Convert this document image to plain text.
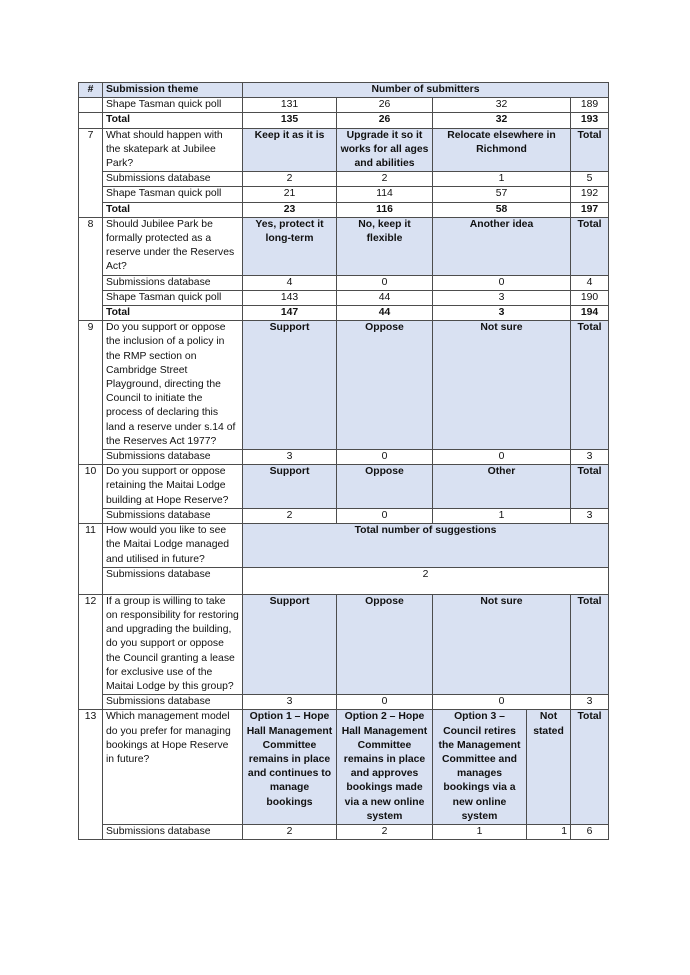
#	Submission theme	Number of submitters				
	Shape Tasman quick poll	131	26	32		189
	Total	135	26	32		193
7	What should happen with the skatepark at Jubilee Park?	Keep it as it is	Upgrade it so it works for all ages and abilities	Relocate elsewhere in Richmond		Total
	Submissions database	2	2	1		5
	Shape Tasman quick poll	21	114	57		192
	Total	23	116	58		197
8	Should Jubilee Park be formally protected as a reserve under the Reserves Act?	Yes, protect it long-term	No, keep it flexible	Another idea		Total
	Submissions database	4	0	0		4
	Shape Tasman quick poll	143	44	3		190
	Total	147	44	3		194
9	Do you support or oppose the inclusion of a policy in the RMP section on Cambridge Street Playground, directing the Council to initiate the process of declaring this land a reserve under s.14 of the Reserves Act 1977?	Support	Oppose	Not sure		Total
	Submissions database	3	0	0		3
10	Do you support or oppose retaining the Maitai Lodge building at Hope Reserve?	Support	Oppose	Other		Total
	Submissions database	2	0	1		3
11	How would you like to see the Maitai Lodge managed and utilised in future?	Total number of suggestions				
	Submissions database	2				
12	If a group is willing to take on responsibility for restoring and upgrading the building, do you support or oppose the Council granting a lease for exclusive use of the Maitai Lodge by this group?	Support	Oppose	Not sure		Total
	Submissions database	3	0	0		3
13	Which management model do you prefer for managing bookings at Hope Reserve in future?	Option 1 – Hope Hall Management Committee remains in place and continues to manage bookings	Option 2 – Hope Hall Management Committee remains in place and approves bookings made via a new online system	Option 3 – Council retires the Management Committee and manages bookings via a new online system	Not stated	Total
	Submissions database	2	2	1	1	6
